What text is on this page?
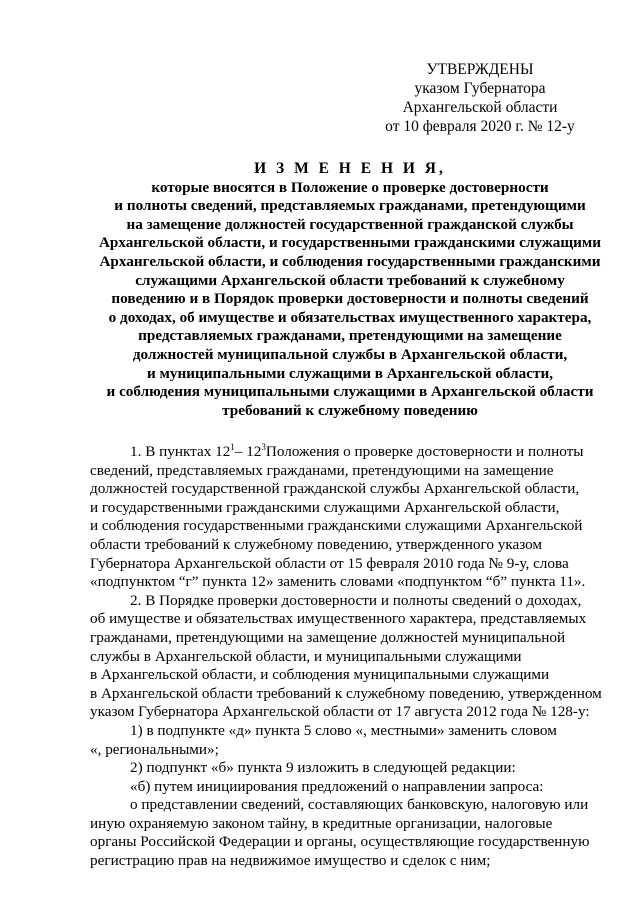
УТВЕРЖДЕНЫ
указом Губернатора
Архангельской области
от 10 февраля 2020 г. № 12-у
И З М Е Н Е Н И Я,
которые вносятся в Положение о проверке достоверности
и полноты сведений, представляемых гражданами, претендующими
на замещение должностей государственной гражданской службы
Архангельской области, и государственными гражданскими служащими
Архангельской области, и соблюдения государственными гражданскими
служащими Архангельской области требований к служебному
поведению и в Порядок проверки достоверности и полноты сведений
о доходах, об имуществе и обязательствах имущественного характера,
представляемых гражданами, претендующими на замещение
должностей муниципальной службы в Архангельской области,
и муниципальными служащими в Архангельской области,
и соблюдения муниципальными служащими в Архангельской области
требований к служебному поведению
1. В пунктах $12^1-$ $12^3Положения$ о проверке достоверности и полноты
сведений, представляемых гражданами, претендующими на замещение
должностей государственной гражданской службы Архангельской области,
и государственными гражданскими служащими Архангельской области,
и соблюдения государственными гражданскими служащими Архангельской
области требований к служебному поведению, утвержденного указом
Губернатора Архангельской области от 15 февраля 2010 года № 9-у, слова
«подпунктом “г” пункта 12» заменить словами «подпунктом “б” пункта 11».
2. В Порядке проверки достоверности и полноты сведений о доходах,
об имуществе и обязательствах имущественного характера, представляемых
гражданами, претендующими на замещение должностей муниципальной
службы в Архангельской области, и муниципальными служащими
в Архангельской области, и соблюдения муниципальными служащими
в Архангельской области требований к служебному поведению, утвержденном
указом Губернатора Архангельской области от 17 августа 2012 года № 128-у:
1) в подпункте «д» пункта 5 слово «, местными» заменить словом
«, региональными»;
2) подпункт «б» пункта 9 изложить в следующей редакции:
«б) путем инициирования предложений о направлении запроса:
о представлении сведений, составляющих банковскую, налоговую или
иную охраняемую законом тайну, в кредитные организации, налоговые
органы Российской Федерации и органы, осуществляющие государственную
регистрацию прав на недвижимое имущество и сделок с ним;
